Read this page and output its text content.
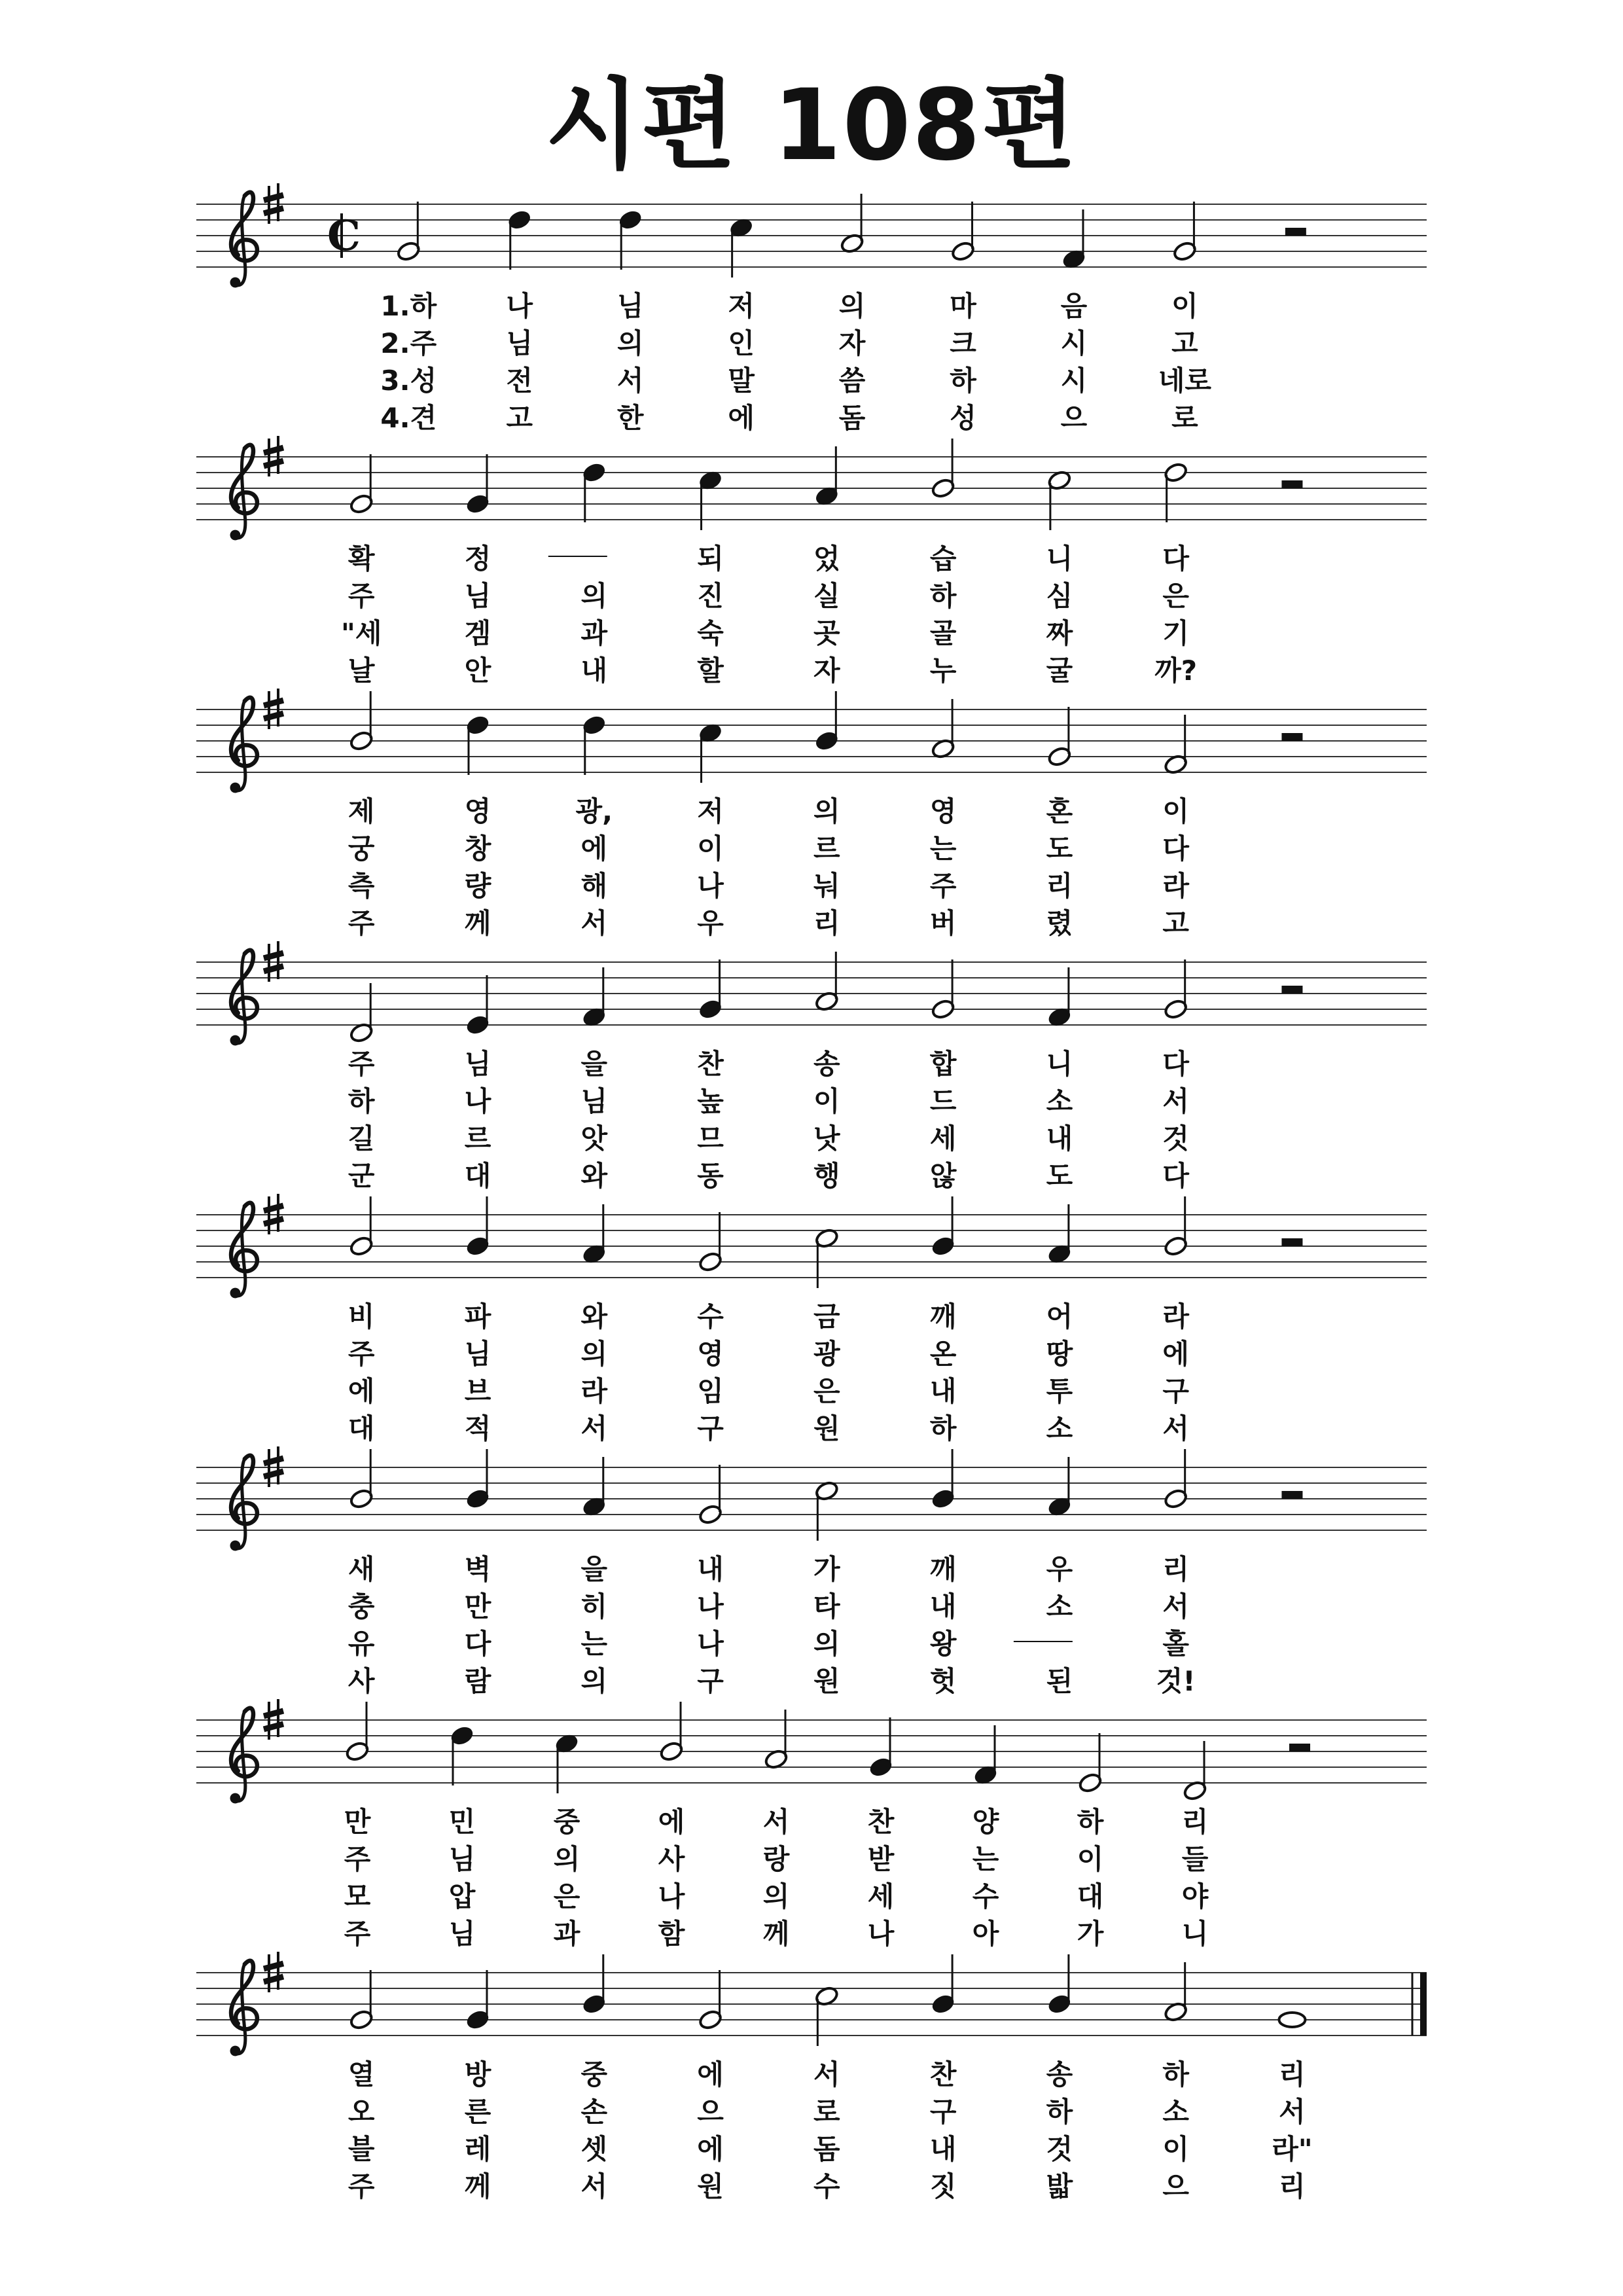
시편 108편
C
1.하	나	님	저	의	마	음	이
2.주	님	의	인	자	크	시	고
3.성	전	서	말	씀	하	시	네로
4.견	고	한	에	돔	성	으	로
확	정	되	었	습	니	다
주	님	의	진	실	하	심	은
"세	겜	과	숙	곳	골	짜	기
날	안	내	할	자	누	굴	까?
제	영	광,	저	의	영	혼	이
궁	창	에	이	르	는	도	다
측	량	해	나	눠	주	리	라
주	께	서	우	리	버	렸	고
주	님	을	찬	송	합	니	다
하	나	님	높	이	드	소	서
길	르	앗	므	낫	세	내	것
군	대	와	동	행	않	도	다
비	파	와	수	금	깨	어	라
주	님	의	영	광	온	땅	에
에	브	라	임	은	내	투	구
대	적	서	구	원	하	소	서
새	벽	을	내	가	깨	우	리
충	만	히	나	타	내	소	서
유	다	는	나	의	왕	홀
사	람	의	구	원	헛	된	것!
만	민	중	에	서	찬	양	하	리
주	님	의	사	랑	받	는	이	들
모	압	은	나	의	세	수	대	야
주	님	과	함	께	나	아	가	니
열	방	중	에	서	찬	송	하	리
오	른	손	으	로	구	하	소	서
블	레	셋	에	돔	내	것	이	라"
주	께	서	원	수	짓	밟	으	리
